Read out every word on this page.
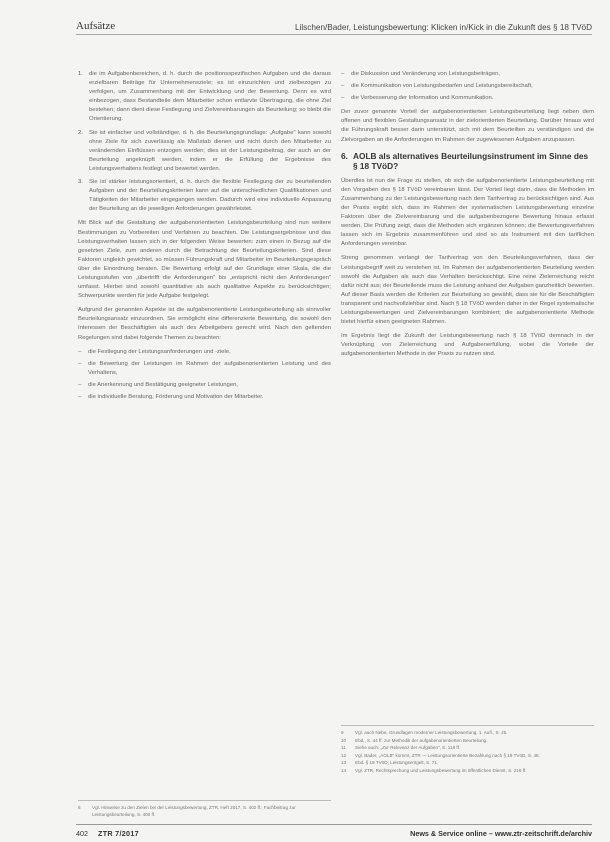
Aufsätze	Lilschen/Bader, Leistungsbewertung: Klicken in/Kick in die Zukunft des § 18 TVöD
1.	die im Aufgabenbereichen, d. h. durch die positionsspezifischen Aufgaben und die daraus erzielbaren Beiträge für Unternehmensziele; es ist einzurichten und zielbezogen zu verfolgen, um Zusammenhang mit der Entwicklung und der Bewertung. Denn es wird einbezogen, dass Bestandteile dem Mitarbeiter schon entlarvte Übertragung, die ohne Ziel bestehen; dann dient diese Festlegung und Zielvereinbarungen als Beurteilung; so bleibt die Orientierung.
2.	Sie ist einfacher und vollständiger, d. h. die Beurteilungsgrundlage: „Aufgabe" kann sowohl ohne Ziele für sich zuverlässig als Maßstab dienen und nicht durch den Mitarbeiter zu verändernden Einflüssen entzogen werden; dies ist der Leistungsbeitrag, der auch an der Beurteilung angeknüpft werden, indem er die Erfüllung der Ergebnisse des Leistungsverhaltens festlegt und bewertet werden.
3.	Sie ist stärker leistungsorientiert, d. h. durch die flexible Festlegung der zu beurteilenden Aufgaben und der Beurteilungskriterien kann auf die unterschiedlichen Qualifikationen und Tätigkeiten der Mitarbeiter eingegangen werden. Dadurch wird eine individuelle Anpassung der Beurteilung an die jeweiligen Anforderungen gewährleistet.

Mit Blick auf die Gestaltung der aufgabenorientierten Leistungsbeurteilung sind nun weitere Bestimmungen zu Vorbereiten und Verfahren zu beachten. Die Leistungsergebnisse und das Leistungsverhalten lassen sich in der folgenden Weise bewerten: zum einen in Bezug auf die gesetzten Ziele, zum anderen durch die Betrachtung der Beurteilungskriterien. Sind diese Faktoren ungleich gewichtet, so müssen Führungskraft und Mitarbeiter im Beurteilungsgespräch über die Einordnung beraten. Die Bewertung erfolgt auf der Grundlage einer Skala, die die Leistungsstufen von „übertrifft die Anforderungen" bis „entspricht nicht den Anforderungen" umfasst. Hierbei sind sowohl quantitative als auch qualitative Aspekte zu berücksichtigen; Schwerpunkte werden für jede Aufgabe festgelegt.

Aufgrund der genannten Aspekte ist die aufgabenorientierte Leistungsbeurteilung als sinnvoller Beurteilungsansatz einzuordnen. Sie ermöglicht eine differenzierte Bewertung, die sowohl den Interessen der Beschäftigten als auch des Arbeitgebers gerecht wird. Nach den geltenden Regelungen sind dabei folgende Themen zu beachten:

–	die Festlegung der Leistungsanforderungen und -ziele,
–	die Bewertung der Leistungen im Rahmen der aufgabenorientierten Leistung und des Verhaltens,
–	die Anerkennung und Bestätigung geeigneter Leistungen,
–	die individuelle Beratung, Förderung und Motivation der Mitarbeiter.
8	Vgl. Hinweise zu den Zielen bei der Leistungsbewertung, ZTR, Heft 2017, S. 402 ff.; Fachbeitrag zur Leistungsbeurteilung, S. 400 ff.
–	die Diskussion und Veränderung von Leistungsbeiträgen,
–	die Kommunikation von Leistungsbedarfen und Leistungsbereitschaft,
–	die Verbesserung der Information und Kommunikation.

Der zuvor genannte Vorteil der aufgabenorientierten Leistungsbeurteilung liegt neben dem offenen und flexiblen Gestaltungsansatz in der zielorientierten Beurteilung. Darüber hinaus wird die Führungskraft besser darin unterstützt, sich mit dem Beurteilten zu verständigen und die Zielvorgaben an die Anforderungen im Rahmen der zugewiesenen Aufgaben anzupassen.

6. AOLB als alternatives Beurteilungsinstrument im Sinne des § 18 TVöD?

Überdies ist nun die Frage zu stellen, ob sich die aufgabenorientierte Leistungsbeurteilung mit den Vorgaben des § 18 TVöD vereinbaren lässt. Der Vorteil liegt darin, dass die Methoden im Zusammenhang zu der Leistungsbewertung nach dem Tarifvertrag zu berücksichtigen sind. Aus der Praxis ergibt sich, dass im Rahmen der systematischen Leistungsbewertung einzelne Faktoren über die Zielvereinbarung und die aufgabenbezogene Bewertung hinaus erfasst werden. Die Prüfung zeigt, dass die Methoden sich ergänzen können; die Bewertungsverfahren lassen sich im Ergebnis zusammenführen und sind so als Instrument mit den tariflichen Anforderungen vereinbar.

Streng genommen verlangt der Tarifvertrag von den Beurteilungsverfahren, dass der Leistungsbegriff weit zu verstehen ist. Im Rahmen der aufgabenorientierten Beurteilung werden sowohl die Aufgaben als auch das Verhalten berücksichtigt. Eine reine Zielerreichung reicht dafür nicht aus; der Beurteilende muss die Leistung anhand der Aufgaben ganzheitlich bewerten. Auf dieser Basis werden die Kriterien zur Beurteilung so gewählt, dass sie für die Beschäftigten transparent und nachvollziehbar sind. Nach § 18 TVöD werden daher in der Regel systematische Leistungsbewertungen und Zielvereinbarungen kombiniert; die aufgabenorientierte Methode bietet hierfür einen geeigneten Rahmen.

Im Ergebnis liegt die Zukunft der Leistungsbewertung nach § 18 TVöD demnach in der Verknüpfung von Zielerreichung und Aufgabenerfüllung, wobei die Vorteile der aufgabenorientierten Methode in der Praxis zu nutzen sind.

9	Vgl. auch Nebe, Grundlagen moderner Leistungsbewertung, 1. Aufl., S. 25.
10	Ebd., S. 44 ff. zur Methodik der aufgabenorientierten Beurteilung.
11	Siehe auch: „Zur Relevanz der Aufgaben", S. 118 ff.
12	Vgl. Bader, „AOLB" kommt, ZTR — Leistungsorientierte Bezahlung nach § 18 TVöD, S. 48.
13	Ebd. § 18 TVöD; Leistungsentgelt, S. 71.
14	Vgl. ZTR, Rechtsprechung und Leistungsbewertung im öffentlichen Dienst, S. 219 ff.
402 ZTR 7/2017	News & Service online – www.ztr-zeitschrift.de/archiv
